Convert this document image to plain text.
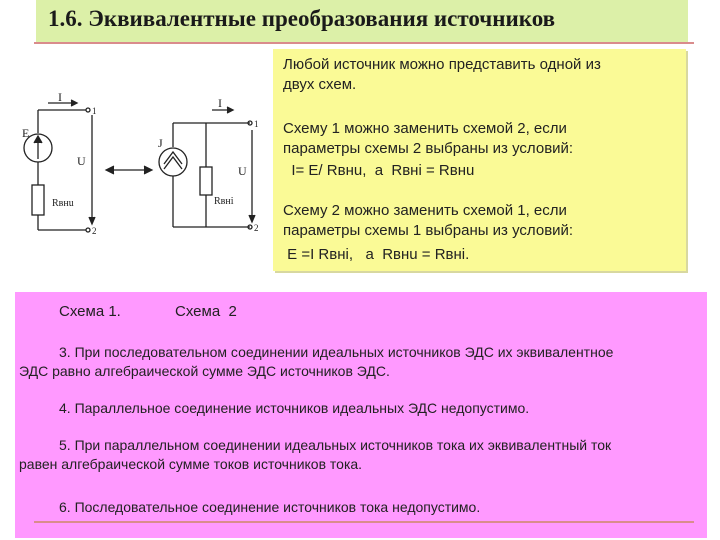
1.6. Эквивалентные преобразования источников
I
E
U
Rвнu
1
2
I
J
U
Rвнi
1
2

Любой источник можно представить одной из

двух схем.

Схему 1 можно заменить схемой 2, если

параметры схемы 2 выбраны из условий:

I= E/ Rвнu,  а  Rвнi = Rвнu

Схему 2 можно заменить схемой 1, если

параметры схемы 1 выбраны из условий:

E =I Rвнi,   а  Rвнu = Rвнi.

Схема 1.             Схема  2
3. При последовательном соединении идеальных источников ЭДС их эквивалентное
ЭДС равно алгебраической сумме ЭДС источников ЭДС.
4. Параллельное соединение источников идеальных ЭДС недопустимо.
5. При параллельном соединении идеальных источников тока их эквивалентный ток
равен алгебраической сумме токов источников тока.
6. Последовательное соединение источников тока недопустимо.
